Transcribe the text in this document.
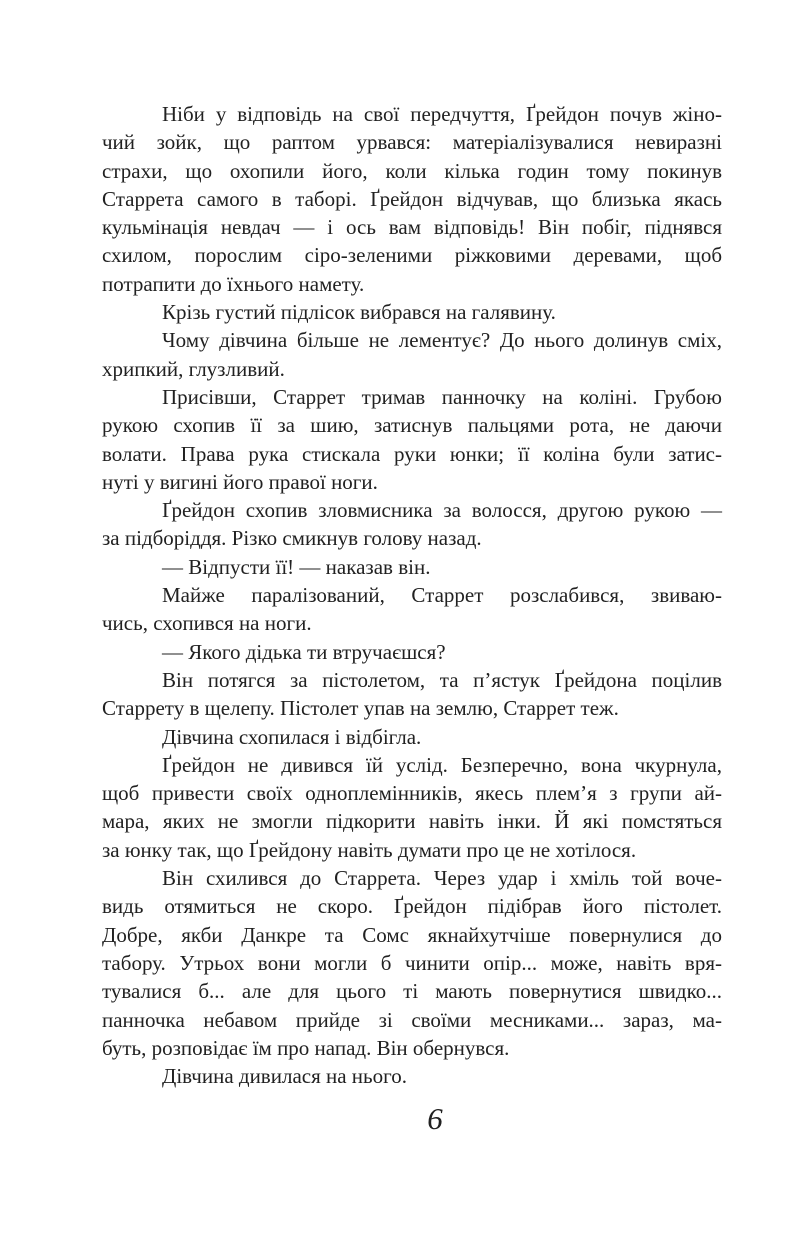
Ніби у відповідь на свої передчуття, Ґрейдон почув жіно-
чий зойк, що раптом урвався: матеріалізувалися невиразні
страхи, що охопили його, коли кілька годин тому покинув
Старрета самого в таборі. Ґрейдон відчував, що близька якась
кульмінація невдач — і ось вам відповідь! Він побіг, піднявся
схилом, порослим сіро-зеленими ріжковими деревами, щоб
потрапити до їхнього намету.

Крізь густий підлісок вибрався на галявину.

Чому дівчина більше не лементує? До нього долинув сміх,
хрипкий, глузливий.

Присівши, Старрет тримав панночку на коліні. Грубою
рукою схопив її за шию, затиснув пальцями рота, не даючи
волати. Права рука стискала руки юнки; її коліна були затис-
нуті у вигині його правої ноги.

Ґрейдон схопив зловмисника за волосся, другою рукою —
за підборіддя. Різко смикнув голову назад.

— Відпусти її! — наказав він.

Майже паралізований, Старрет розслабився, звиваю-
чись, схопився на ноги.

— Якого дідька ти втручаєшся?

Він потягся за пістолетом, та п’ястук Ґрейдона поцілив
Старрету в щелепу. Пістолет упав на землю, Старрет теж.

Дівчина схопилася і відбігла.

Ґрейдон не дивився їй услід. Безперечно, вона чкурнула,
щоб привести своїх одноплемінників, якесь плем’я з групи ай-
мара, яких не змогли підкорити навіть інки. Й які помстяться
за юнку так, що Ґрейдону навіть думати про це не хотілося.

Він схилився до Старрета. Через удар і хміль той воче-
видь отямиться не скоро. Ґрейдон підібрав його пістолет.
Добре, якби Данкре та Сомс якнайхутчіше повернулися до
табору. Утрьох вони могли б чинити опір... може, навіть вря-
тувалися б... але для цього ті мають повернутися швидко...
панночка небавом прийде зі своїми месниками... зараз, ма-
буть, розповідає їм про напад. Він обернувся.

Дівчина дивилася на нього.

6
